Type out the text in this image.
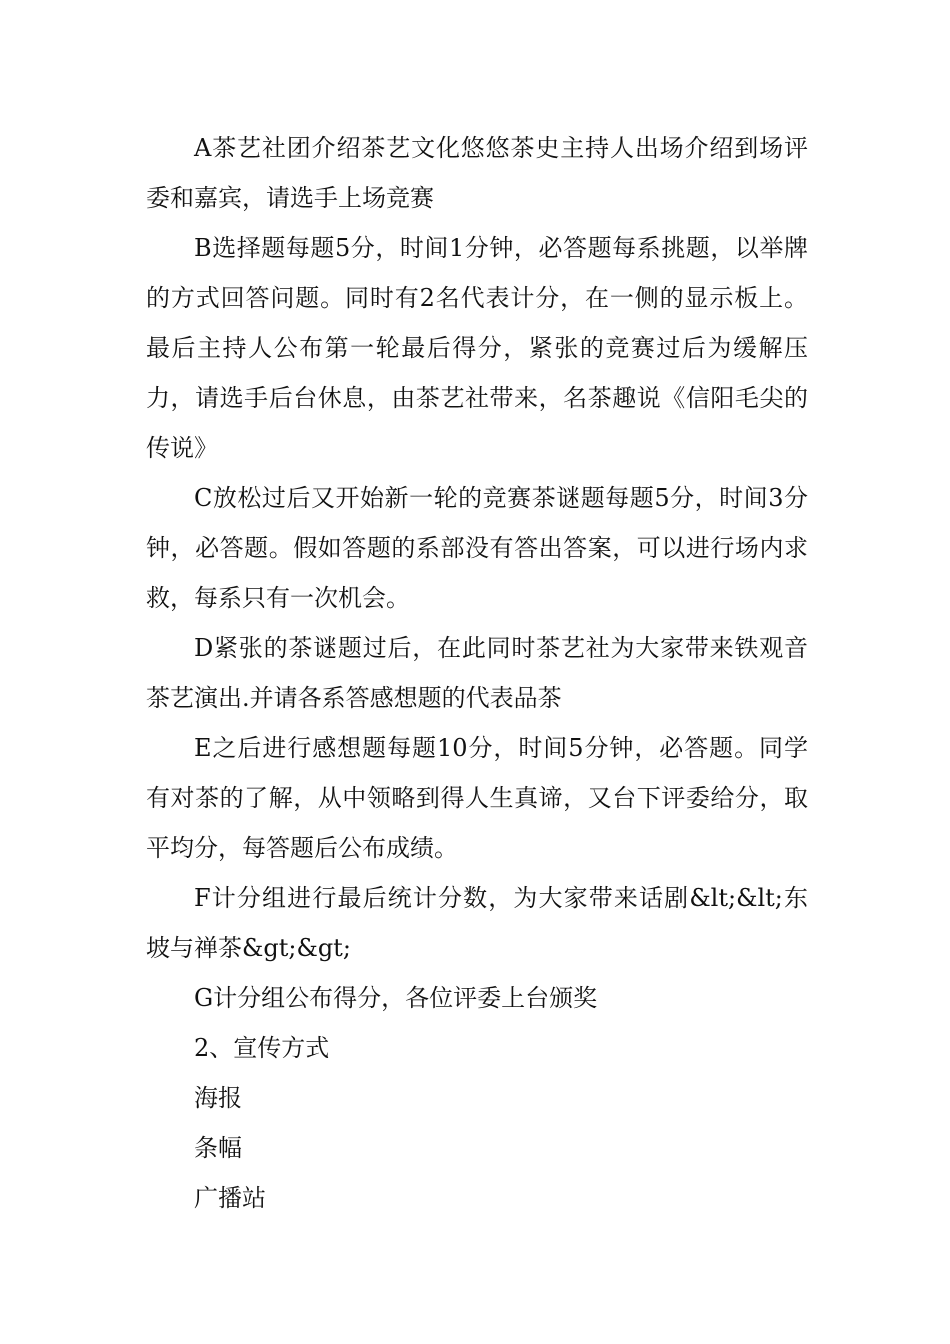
A茶艺社团介绍茶艺文化悠悠茶史主持人出场介绍到场评委和嘉宾，请选手上场竞赛

B选择题每题5分，时间1分钟，必答题每系挑题，以举牌的方式回答问题。同时有2名代表计分，在一侧的显示板上。最后主持人公布第一轮最后得分，紧张的竞赛过后为缓解压力，请选手后台休息，由茶艺社带来，名茶趣说《信阳毛尖的传说》

C放松过后又开始新一轮的竞赛茶谜题每题5分，时间3分钟，必答题。假如答题的系部没有答出答案，可以进行场内求救，每系只有一次机会。

D紧张的茶谜题过后，在此同时茶艺社为大家带来铁观音茶艺演出.并请各系答感想题的代表品茶

E之后进行感想题每题10分，时间5分钟，必答题。同学有对茶的了解，从中领略到得人生真谛，又台下评委给分，取平均分，每答题后公布成绩。

F计分组进行最后统计分数，为大家带来话剧&lt;&lt;东坡与禅茶&gt;&gt;

G计分组公布得分，各位评委上台颁奖

2、宣传方式

海报

条幅

广播站
